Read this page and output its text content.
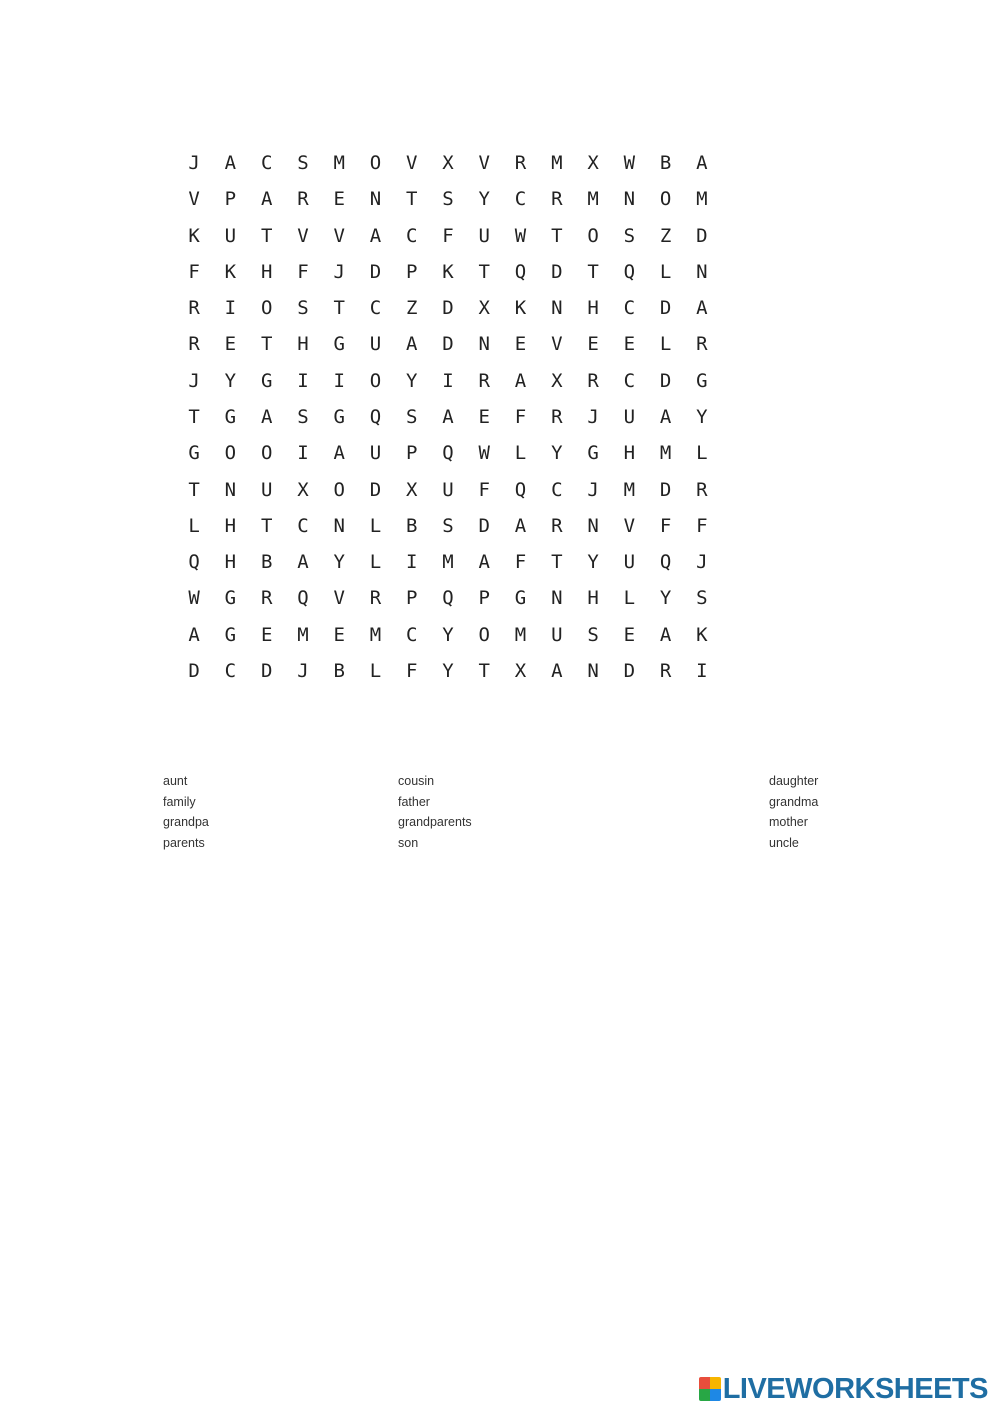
J	A	C	S	M	O	V	X	V	R	M	X	W	B	A
V	P	A	R	E	N	T	S	Y	C	R	M	N	O	M
K	U	T	V	V	A	C	F	U	W	T	O	S	Z	D
F	K	H	F	J	D	P	K	T	Q	D	T	Q	L	N
R	I	O	S	T	C	Z	D	X	K	N	H	C	D	A
R	E	T	H	G	U	A	D	N	E	V	E	E	L	R
J	Y	G	I	I	O	Y	I	R	A	X	R	C	D	G
T	G	A	S	G	Q	S	A	E	F	R	J	U	A	Y
G	O	O	I	A	U	P	Q	W	L	Y	G	H	M	L
T	N	U	X	O	D	X	U	F	Q	C	J	M	D	R
L	H	T	C	N	L	B	S	D	A	R	N	V	F	F
Q	H	B	A	Y	L	I	M	A	F	T	Y	U	Q	J
W	G	R	Q	V	R	P	Q	P	G	N	H	L	Y	S
A	G	E	M	E	M	C	Y	O	M	U	S	E	A	K
D	C	D	J	B	L	F	Y	T	X	A	N	D	R	I
aunt
family
grandpa
parents
cousin
father
grandparents
son
daughter
grandma
mother
uncle
LIVEWORKSHEETS
